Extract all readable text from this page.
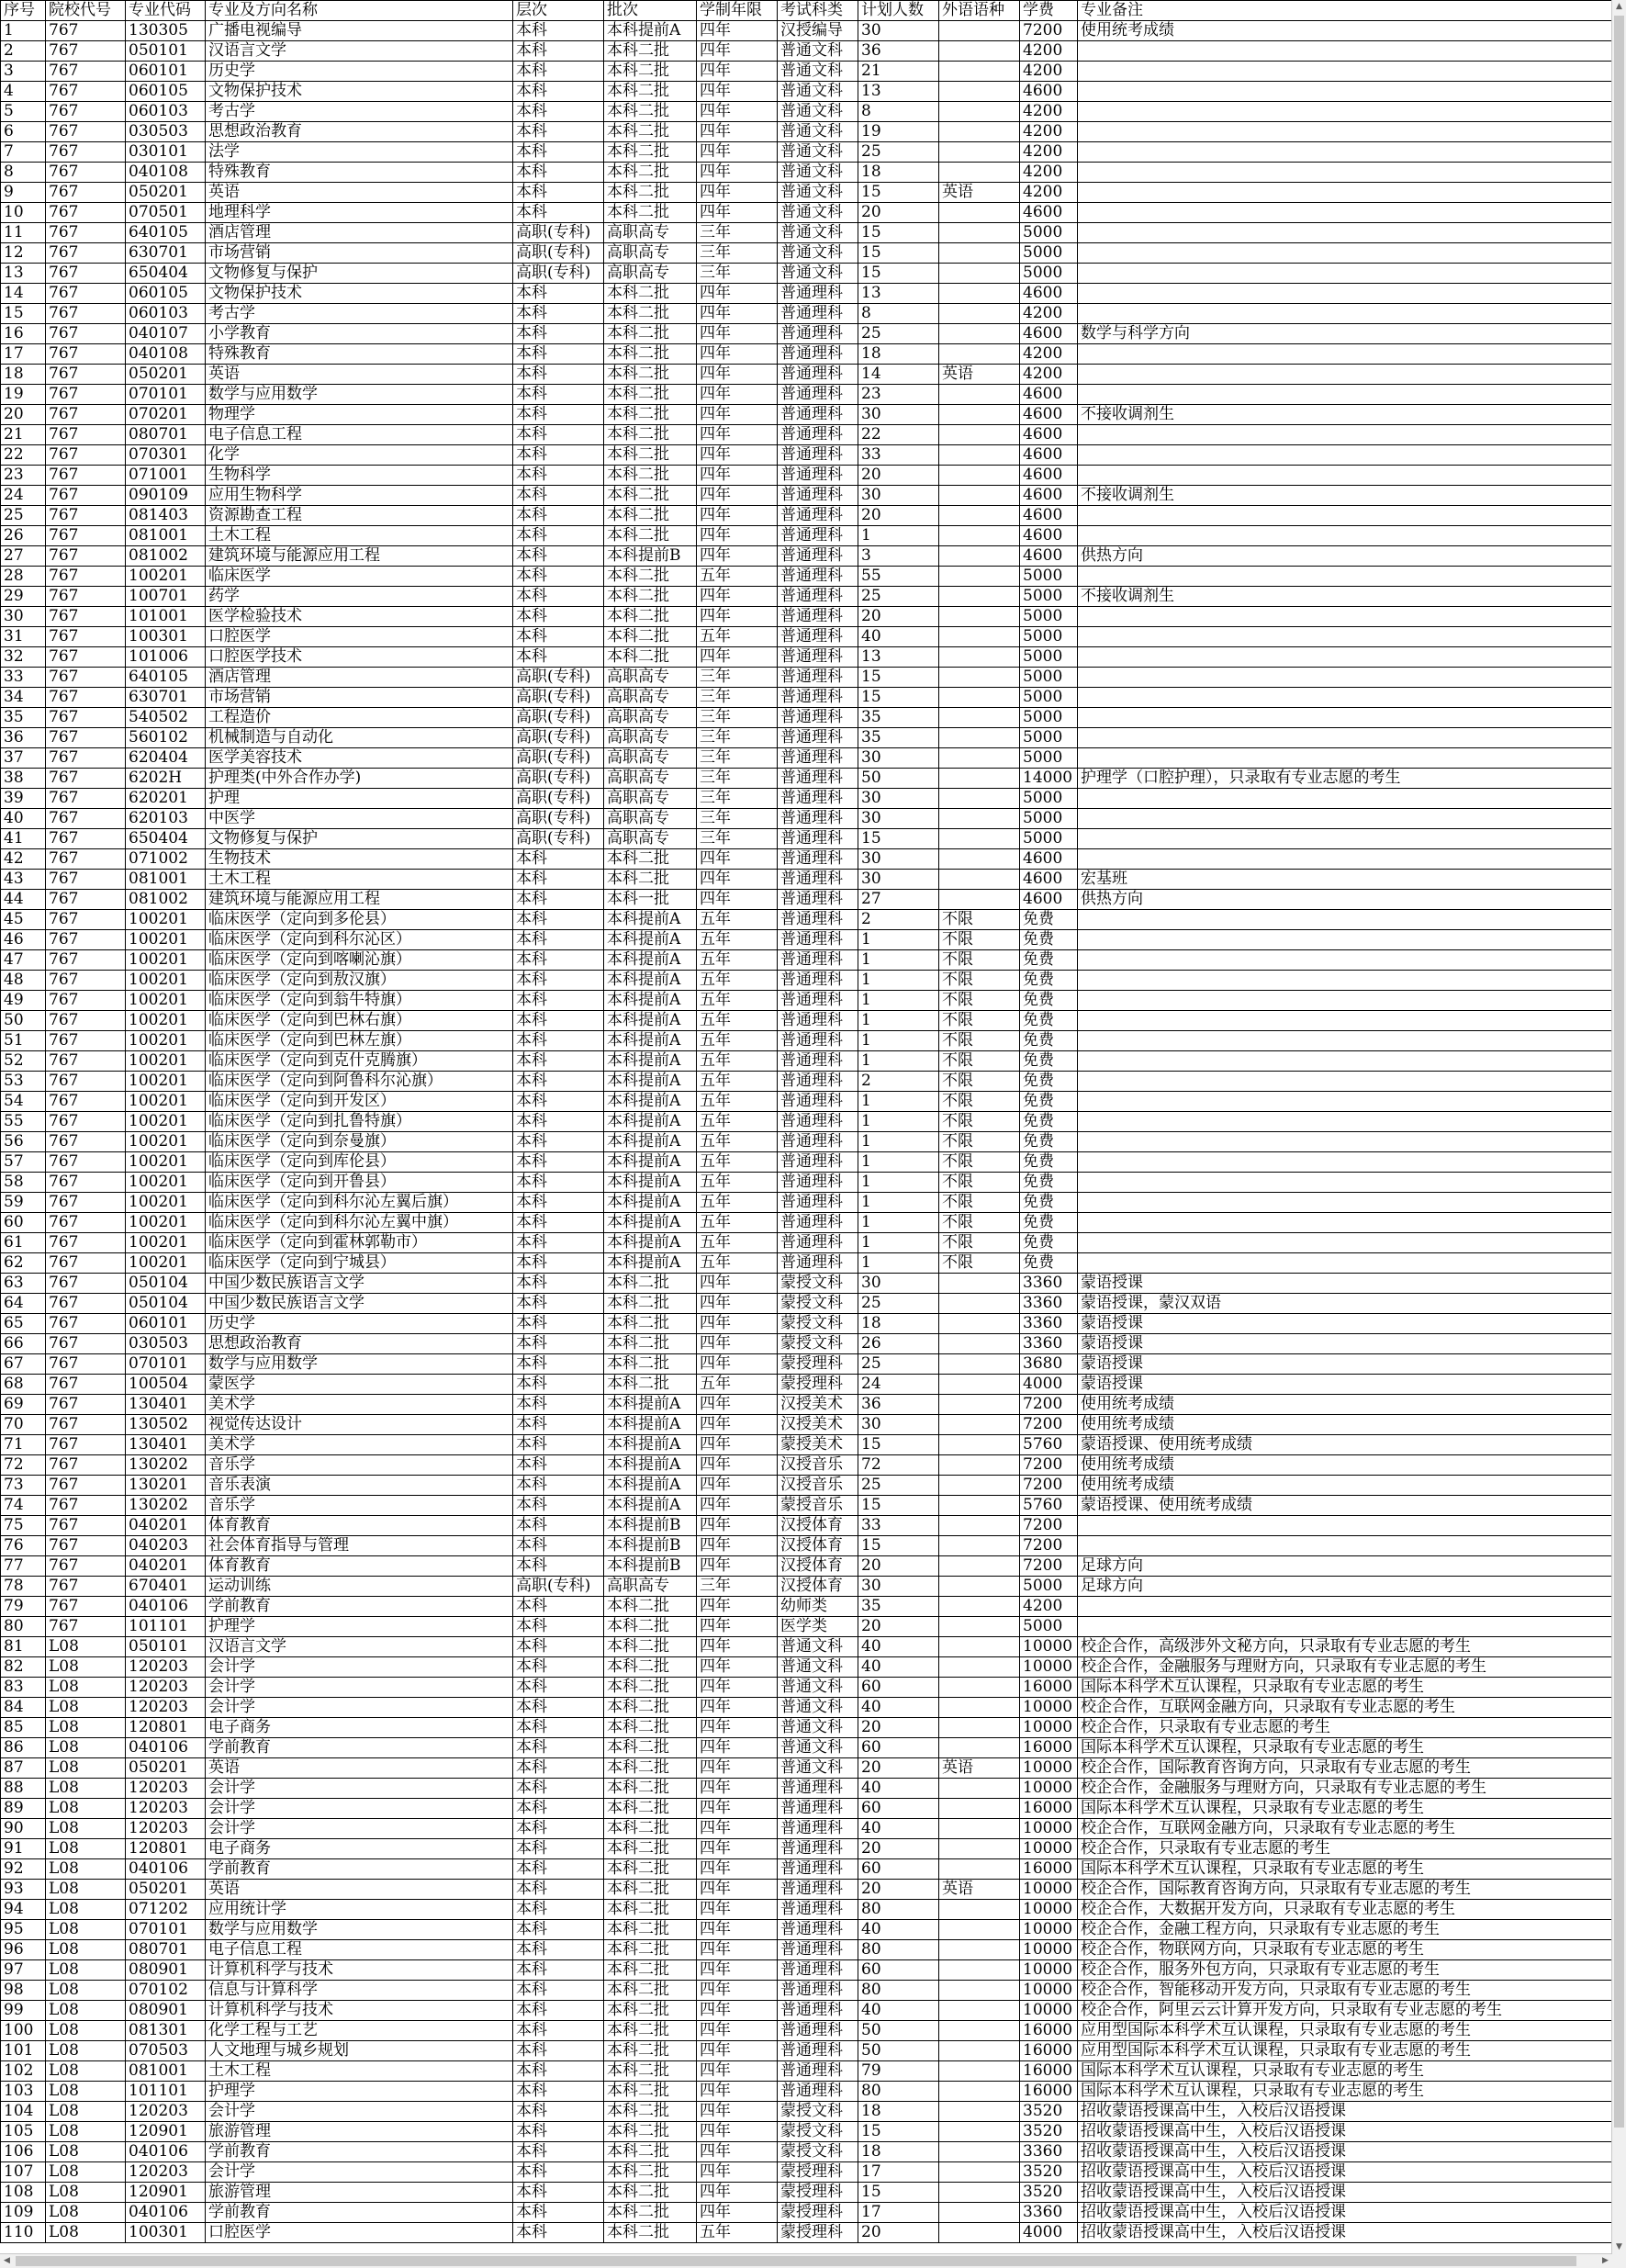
序号	院校代号	专业代码	专业及方向名称	层次	批次	学制年限	考试科类	计划人数	外语语种	学费	专业备注
1	767	130305	广播电视编导	本科	本科提前A	四年	汉授编导	30		7200	使用统考成绩
2	767	050101	汉语言文学	本科	本科二批	四年	普通文科	36		4200	
3	767	060101	历史学	本科	本科二批	四年	普通文科	21		4200	
4	767	060105	文物保护技术	本科	本科二批	四年	普通文科	13		4600	
5	767	060103	考古学	本科	本科二批	四年	普通文科	8		4200	
6	767	030503	思想政治教育	本科	本科二批	四年	普通文科	19		4200	
7	767	030101	法学	本科	本科二批	四年	普通文科	25		4200	
8	767	040108	特殊教育	本科	本科二批	四年	普通文科	18		4200	
9	767	050201	英语	本科	本科二批	四年	普通文科	15	英语	4200	
10	767	070501	地理科学	本科	本科二批	四年	普通文科	20		4600	
11	767	640105	酒店管理	高职(专科)	高职高专	三年	普通文科	15		5000	
12	767	630701	市场营销	高职(专科)	高职高专	三年	普通文科	15		5000	
13	767	650404	文物修复与保护	高职(专科)	高职高专	三年	普通文科	15		5000	
14	767	060105	文物保护技术	本科	本科二批	四年	普通理科	13		4600	
15	767	060103	考古学	本科	本科二批	四年	普通理科	8		4200	
16	767	040107	小学教育	本科	本科二批	四年	普通理科	25		4600	数学与科学方向
17	767	040108	特殊教育	本科	本科二批	四年	普通理科	18		4200	
18	767	050201	英语	本科	本科二批	四年	普通理科	14	英语	4200	
19	767	070101	数学与应用数学	本科	本科二批	四年	普通理科	23		4600	
20	767	070201	物理学	本科	本科二批	四年	普通理科	30		4600	不接收调剂生
21	767	080701	电子信息工程	本科	本科二批	四年	普通理科	22		4600	
22	767	070301	化学	本科	本科二批	四年	普通理科	33		4600	
23	767	071001	生物科学	本科	本科二批	四年	普通理科	20		4600	
24	767	090109	应用生物科学	本科	本科二批	四年	普通理科	30		4600	不接收调剂生
25	767	081403	资源勘查工程	本科	本科二批	四年	普通理科	20		4600	
26	767	081001	土木工程	本科	本科二批	四年	普通理科	1		4600	
27	767	081002	建筑环境与能源应用工程	本科	本科提前B	四年	普通理科	3		4600	供热方向
28	767	100201	临床医学	本科	本科二批	五年	普通理科	55		5000	
29	767	100701	药学	本科	本科二批	四年	普通理科	25		5000	不接收调剂生
30	767	101001	医学检验技术	本科	本科二批	四年	普通理科	20		5000	
31	767	100301	口腔医学	本科	本科二批	五年	普通理科	40		5000	
32	767	101006	口腔医学技术	本科	本科二批	四年	普通理科	13		5000	
33	767	640105	酒店管理	高职(专科)	高职高专	三年	普通理科	15		5000	
34	767	630701	市场营销	高职(专科)	高职高专	三年	普通理科	15		5000	
35	767	540502	工程造价	高职(专科)	高职高专	三年	普通理科	35		5000	
36	767	560102	机械制造与自动化	高职(专科)	高职高专	三年	普通理科	35		5000	
37	767	620404	医学美容技术	高职(专科)	高职高专	三年	普通理科	30		5000	
38	767	6202H	护理类(中外合作办学)	高职(专科)	高职高专	三年	普通理科	50		14000	护理学（口腔护理），只录取有专业志愿的考生
39	767	620201	护理	高职(专科)	高职高专	三年	普通理科	30		5000	
40	767	620103	中医学	高职(专科)	高职高专	三年	普通理科	30		5000	
41	767	650404	文物修复与保护	高职(专科)	高职高专	三年	普通理科	15		5000	
42	767	071002	生物技术	本科	本科二批	四年	普通理科	30		4600	
43	767	081001	土木工程	本科	本科二批	四年	普通理科	30		4600	宏基班
44	767	081002	建筑环境与能源应用工程	本科	本科一批	四年	普通理科	27		4600	供热方向
45	767	100201	临床医学（定向到多伦县）	本科	本科提前A	五年	普通理科	2	不限	免费	
46	767	100201	临床医学（定向到科尔沁区）	本科	本科提前A	五年	普通理科	1	不限	免费	
47	767	100201	临床医学（定向到喀喇沁旗）	本科	本科提前A	五年	普通理科	1	不限	免费	
48	767	100201	临床医学（定向到敖汉旗）	本科	本科提前A	五年	普通理科	1	不限	免费	
49	767	100201	临床医学（定向到翁牛特旗）	本科	本科提前A	五年	普通理科	1	不限	免费	
50	767	100201	临床医学（定向到巴林右旗）	本科	本科提前A	五年	普通理科	1	不限	免费	
51	767	100201	临床医学（定向到巴林左旗）	本科	本科提前A	五年	普通理科	1	不限	免费	
52	767	100201	临床医学（定向到克什克腾旗）	本科	本科提前A	五年	普通理科	1	不限	免费	
53	767	100201	临床医学（定向到阿鲁科尔沁旗）	本科	本科提前A	五年	普通理科	2	不限	免费	
54	767	100201	临床医学（定向到开发区）	本科	本科提前A	五年	普通理科	1	不限	免费	
55	767	100201	临床医学（定向到扎鲁特旗）	本科	本科提前A	五年	普通理科	1	不限	免费	
56	767	100201	临床医学（定向到奈曼旗）	本科	本科提前A	五年	普通理科	1	不限	免费	
57	767	100201	临床医学（定向到库伦县）	本科	本科提前A	五年	普通理科	1	不限	免费	
58	767	100201	临床医学（定向到开鲁县）	本科	本科提前A	五年	普通理科	1	不限	免费	
59	767	100201	临床医学（定向到科尔沁左翼后旗）	本科	本科提前A	五年	普通理科	1	不限	免费	
60	767	100201	临床医学（定向到科尔沁左翼中旗）	本科	本科提前A	五年	普通理科	1	不限	免费	
61	767	100201	临床医学（定向到霍林郭勒市）	本科	本科提前A	五年	普通理科	1	不限	免费	
62	767	100201	临床医学（定向到宁城县）	本科	本科提前A	五年	普通理科	1	不限	免费	
63	767	050104	中国少数民族语言文学	本科	本科二批	四年	蒙授文科	30		3360	蒙语授课
64	767	050104	中国少数民族语言文学	本科	本科二批	四年	蒙授文科	25		3360	蒙语授课，蒙汉双语
65	767	060101	历史学	本科	本科二批	四年	蒙授文科	18		3360	蒙语授课
66	767	030503	思想政治教育	本科	本科二批	四年	蒙授文科	26		3360	蒙语授课
67	767	070101	数学与应用数学	本科	本科二批	四年	蒙授理科	25		3680	蒙语授课
68	767	100504	蒙医学	本科	本科二批	五年	蒙授理科	24		4000	蒙语授课
69	767	130401	美术学	本科	本科提前A	四年	汉授美术	36		7200	使用统考成绩
70	767	130502	视觉传达设计	本科	本科提前A	四年	汉授美术	30		7200	使用统考成绩
71	767	130401	美术学	本科	本科提前A	四年	蒙授美术	15		5760	蒙语授课、使用统考成绩
72	767	130202	音乐学	本科	本科提前A	四年	汉授音乐	72		7200	使用统考成绩
73	767	130201	音乐表演	本科	本科提前A	四年	汉授音乐	25		7200	使用统考成绩
74	767	130202	音乐学	本科	本科提前A	四年	蒙授音乐	15		5760	蒙语授课、使用统考成绩
75	767	040201	体育教育	本科	本科提前B	四年	汉授体育	33		7200	
76	767	040203	社会体育指导与管理	本科	本科提前B	四年	汉授体育	15		7200	
77	767	040201	体育教育	本科	本科提前B	四年	汉授体育	20		7200	足球方向
78	767	670401	运动训练	高职(专科)	高职高专	三年	汉授体育	30		5000	足球方向
79	767	040106	学前教育	本科	本科二批	四年	幼师类	35		4200	
80	767	101101	护理学	本科	本科二批	四年	医学类	20		5000	
81	L08	050101	汉语言文学	本科	本科二批	四年	普通文科	40		10000	校企合作，高级涉外文秘方向，只录取有专业志愿的考生
82	L08	120203	会计学	本科	本科二批	四年	普通文科	40		10000	校企合作，金融服务与理财方向，只录取有专业志愿的考生
83	L08	120203	会计学	本科	本科二批	四年	普通文科	60		16000	国际本科学术互认课程，只录取有专业志愿的考生
84	L08	120203	会计学	本科	本科二批	四年	普通文科	40		10000	校企合作，互联网金融方向，只录取有专业志愿的考生
85	L08	120801	电子商务	本科	本科二批	四年	普通文科	20		10000	校企合作，只录取有专业志愿的考生
86	L08	040106	学前教育	本科	本科二批	四年	普通文科	60		16000	国际本科学术互认课程，只录取有专业志愿的考生
87	L08	050201	英语	本科	本科二批	四年	普通文科	20	英语	10000	校企合作，国际教育咨询方向，只录取有专业志愿的考生
88	L08	120203	会计学	本科	本科二批	四年	普通理科	40		10000	校企合作，金融服务与理财方向，只录取有专业志愿的考生
89	L08	120203	会计学	本科	本科二批	四年	普通理科	60		16000	国际本科学术互认课程，只录取有专业志愿的考生
90	L08	120203	会计学	本科	本科二批	四年	普通理科	40		10000	校企合作，互联网金融方向，只录取有专业志愿的考生
91	L08	120801	电子商务	本科	本科二批	四年	普通理科	20		10000	校企合作，只录取有专业志愿的考生
92	L08	040106	学前教育	本科	本科二批	四年	普通理科	60		16000	国际本科学术互认课程，只录取有专业志愿的考生
93	L08	050201	英语	本科	本科二批	四年	普通理科	20	英语	10000	校企合作，国际教育咨询方向，只录取有专业志愿的考生
94	L08	071202	应用统计学	本科	本科二批	四年	普通理科	80		10000	校企合作，大数据开发方向，只录取有专业志愿的考生
95	L08	070101	数学与应用数学	本科	本科二批	四年	普通理科	40		10000	校企合作，金融工程方向，只录取有专业志愿的考生
96	L08	080701	电子信息工程	本科	本科二批	四年	普通理科	80		10000	校企合作，物联网方向，只录取有专业志愿的考生
97	L08	080901	计算机科学与技术	本科	本科二批	四年	普通理科	60		10000	校企合作，服务外包方向，只录取有专业志愿的考生
98	L08	070102	信息与计算科学	本科	本科二批	四年	普通理科	80		10000	校企合作，智能移动开发方向，只录取有专业志愿的考生
99	L08	080901	计算机科学与技术	本科	本科二批	四年	普通理科	40		10000	校企合作，阿里云云计算开发方向，只录取有专业志愿的考生
100	L08	081301	化学工程与工艺	本科	本科二批	四年	普通理科	50		16000	应用型国际本科学术互认课程，只录取有专业志愿的考生
101	L08	070503	人文地理与城乡规划	本科	本科二批	四年	普通理科	50		16000	应用型国际本科学术互认课程，只录取有专业志愿的考生
102	L08	081001	土木工程	本科	本科二批	四年	普通理科	79		16000	国际本科学术互认课程，只录取有专业志愿的考生
103	L08	101101	护理学	本科	本科二批	四年	普通理科	80		16000	国际本科学术互认课程，只录取有专业志愿的考生
104	L08	120203	会计学	本科	本科二批	四年	蒙授文科	18		3520	招收蒙语授课高中生，入校后汉语授课
105	L08	120901	旅游管理	本科	本科二批	四年	蒙授文科	15		3520	招收蒙语授课高中生，入校后汉语授课
106	L08	040106	学前教育	本科	本科二批	四年	蒙授文科	18		3360	招收蒙语授课高中生，入校后汉语授课
107	L08	120203	会计学	本科	本科二批	四年	蒙授理科	17		3520	招收蒙语授课高中生，入校后汉语授课
108	L08	120901	旅游管理	本科	本科二批	四年	蒙授理科	15		3520	招收蒙语授课高中生，入校后汉语授课
109	L08	040106	学前教育	本科	本科二批	四年	蒙授理科	17		3360	招收蒙语授课高中生，入校后汉语授课
110	L08	100301	口腔医学	本科	本科二批	五年	蒙授理科	20		4000	招收蒙语授课高中生，入校后汉语授课
▲
▼
◀	▶
